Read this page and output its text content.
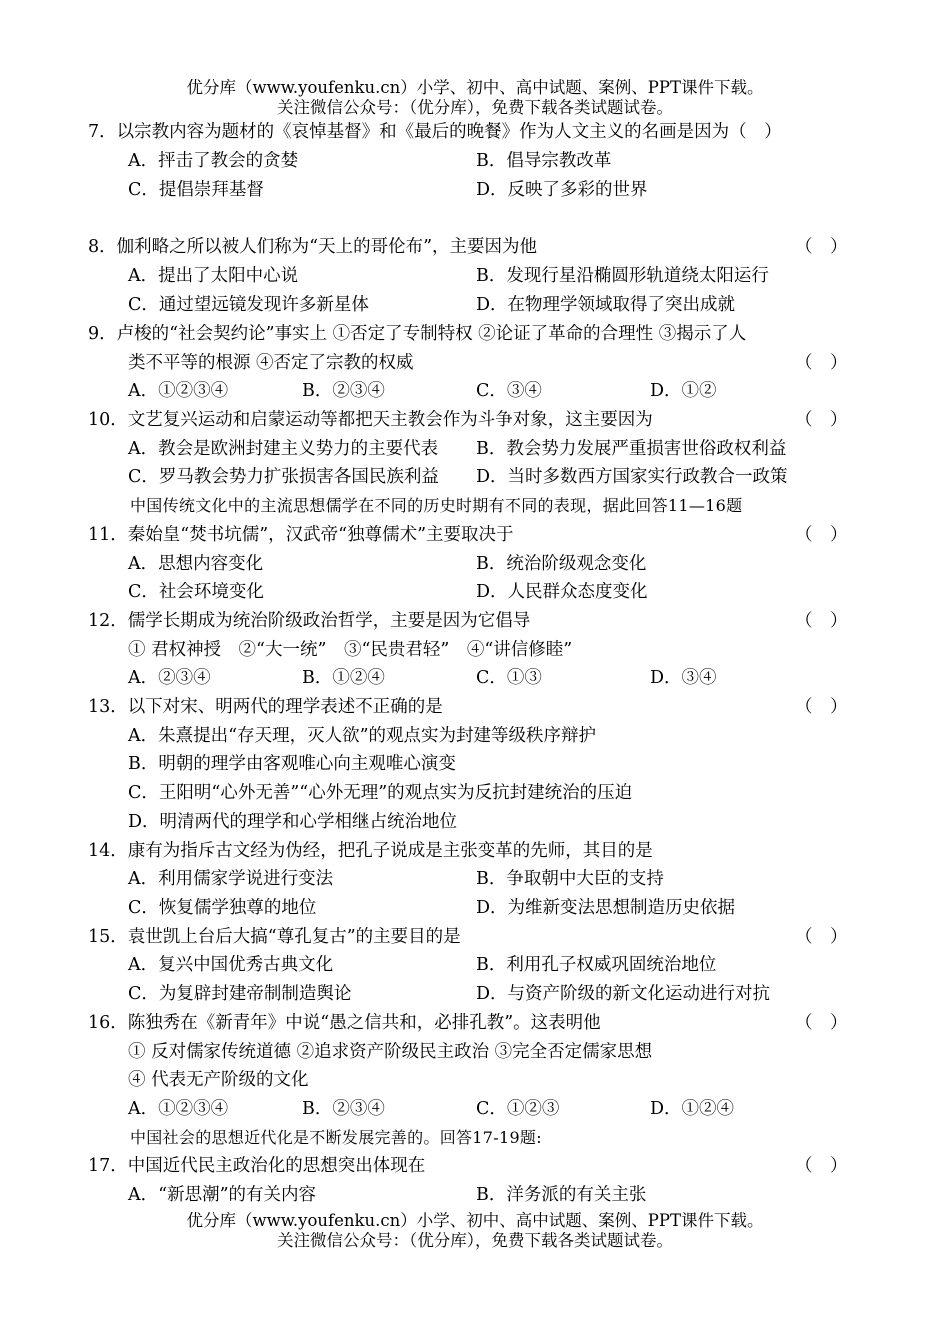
优分库（www.youfenku.cn）小学、初中、高中试题、案例、PPT课件下载。
关注微信公众号：（优分库），免费下载各类试题试卷。
7．以宗教内容为题材的《哀悼基督》和《最后的晚餐》作为人文主义的名画是因为（　）
A．抨击了教会的贪婪	B．倡导宗教改革
C．提倡崇拜基督	D．反映了多彩的世界
8．伽利略之所以被人们称为“天上的哥伦布”，主要因为他	（　）
A．提出了太阳中心说	B．发现行星沿椭圆形轨道绕太阳运行
C．通过望远镜发现许多新星体	D．在物理学领域取得了突出成就
9．卢梭的“社会契约论”事实上 ①否定了专制特权 ②论证了革命的合理性 ③揭示了人
类不平等的根源 ④否定了宗教的权威	（　）
A．①②③④	B．②③④	C．③④	D．①②
10．文艺复兴运动和启蒙运动等都把天主教会作为斗争对象，这主要因为	（　）
A．教会是欧洲封建主义势力的主要代表 B．教会势力发展严重损害世俗政权利益
C．罗马教会势力扩张损害各国民族利益 D．当时多数西方国家实行政教合一政策
中国传统文化中的主流思想儒学在不同的历史时期有不同的表现，据此回答11—16题
11．秦始皇“焚书坑儒”，汉武帝“独尊儒术”主要取决于	（　）
A．思想内容变化	B．统治阶级观念变化
C．社会环境变化	D．人民群众态度变化
12．儒学长期成为统治阶级政治哲学，主要是因为它倡导	（　）
① 君权神授　②“大一统”　③“民贵君轻”　④“讲信修睦”
A．②③④	B．①②④	C．①③	D．③④
13．以下对宋、明两代的理学表述不正确的是	（　）
A．朱熹提出“存天理，灭人欲”的观点实为封建等级秩序辩护
B．明朝的理学由客观唯心向主观唯心演变
C．王阳明“心外无善”“心外无理”的观点实为反抗封建统治的压迫
D．明清两代的理学和心学相继占统治地位
14．康有为指斥古文经为伪经，把孔子说成是主张变革的先师，其目的是
A．利用儒家学说进行变法	B．争取朝中大臣的支持
C．恢复儒学独尊的地位	D．为维新变法思想制造历史依据
15．袁世凯上台后大搞“尊孔复古”的主要目的是	（　）
A．复兴中国优秀古典文化	B．利用孔子权威巩固统治地位
C．为复辟封建帝制制造舆论	D．与资产阶级的新文化运动进行对抗
16．陈独秀在《新青年》中说“愚之信共和，必排孔教”。这表明他	（　）
① 反对儒家传统道德 ②追求资产阶级民主政治 ③完全否定儒家思想
④ 代表无产阶级的文化
A．①②③④	B．②③④	C．①②③	D．①②④
中国社会的思想近代化是不断发展完善的。回答17-19题:
17．中国近代民主政治化的思想突出体现在	（　）
A．“新思潮”的有关内容	B．洋务派的有关主张
优分库（www.youfenku.cn）小学、初中、高中试题、案例、PPT课件下载。
关注微信公众号：（优分库），免费下载各类试题试卷。
